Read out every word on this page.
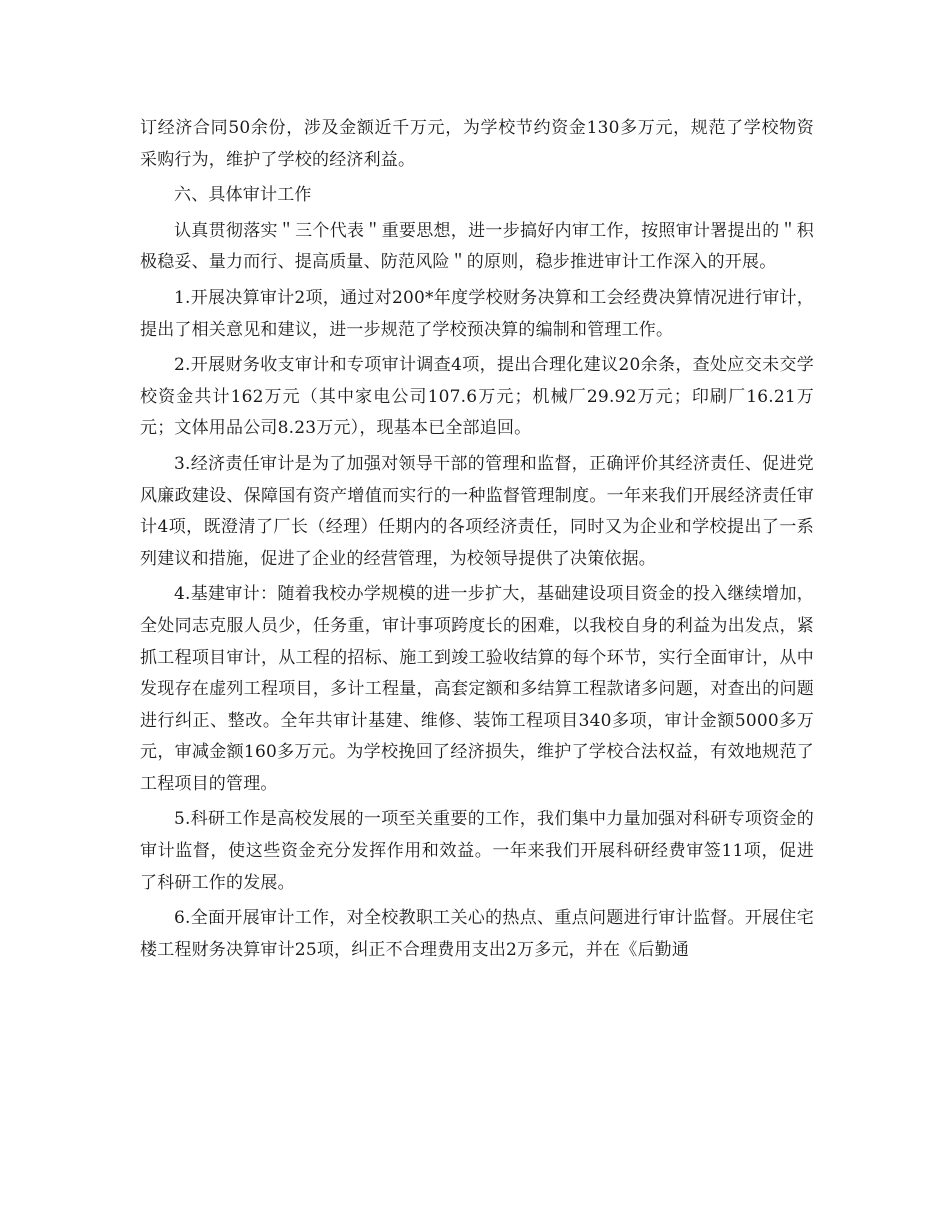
订经济合同50余份，涉及金额近千万元，为学校节约资金130多万元，规范了学校物资采购行为，维护了学校的经济利益。

六、具体审计工作

认真贯彻落实＂三个代表＂重要思想，进一步搞好内审工作，按照审计署提出的＂积极稳妥、量力而行、提高质量、防范风险＂的原则，稳步推进审计工作深入的开展。

1.开展决算审计2项，通过对200*年度学校财务决算和工会经费决算情况进行审计，提出了相关意见和建议，进一步规范了学校预决算的编制和管理工作。

2.开展财务收支审计和专项审计调查4项，提出合理化建议20余条，查处应交未交学校资金共计162万元（其中家电公司107.6万元；机械厂29.92万元；印刷厂16.21万元；文体用品公司8.23万元），现基本已全部追回。

3.经济责任审计是为了加强对领导干部的管理和监督，正确评价其经济责任、促进党风廉政建设、保障国有资产增值而实行的一种监督管理制度。一年来我们开展经济责任审计4项，既澄清了厂长（经理）任期内的各项经济责任，同时又为企业和学校提出了一系列建议和措施，促进了企业的经营管理，为校领导提供了决策依据。

4.基建审计：随着我校办学规模的进一步扩大，基础建设项目资金的投入继续增加，全处同志克服人员少，任务重，审计事项跨度长的困难，以我校自身的利益为出发点，紧抓工程项目审计，从工程的招标、施工到竣工验收结算的每个环节，实行全面审计，从中发现存在虚列工程项目，多计工程量，高套定额和多结算工程款诸多问题，对查出的问题进行纠正、整改。全年共审计基建、维修、装饰工程项目340多项，审计金额5000多万元，审减金额160多万元。为学校挽回了经济损失，维护了学校合法权益，有效地规范了工程项目的管理。

5.科研工作是高校发展的一项至关重要的工作，我们集中力量加强对科研专项资金的审计监督，使这些资金充分发挥作用和效益。一年来我们开展科研经费审签11项，促进了科研工作的发展。

6.全面开展审计工作，对全校教职工关心的热点、重点问题进行审计监督。开展住宅楼工程财务决算审计25项，纠正不合理费用支出2万多元，并在《后勤通
